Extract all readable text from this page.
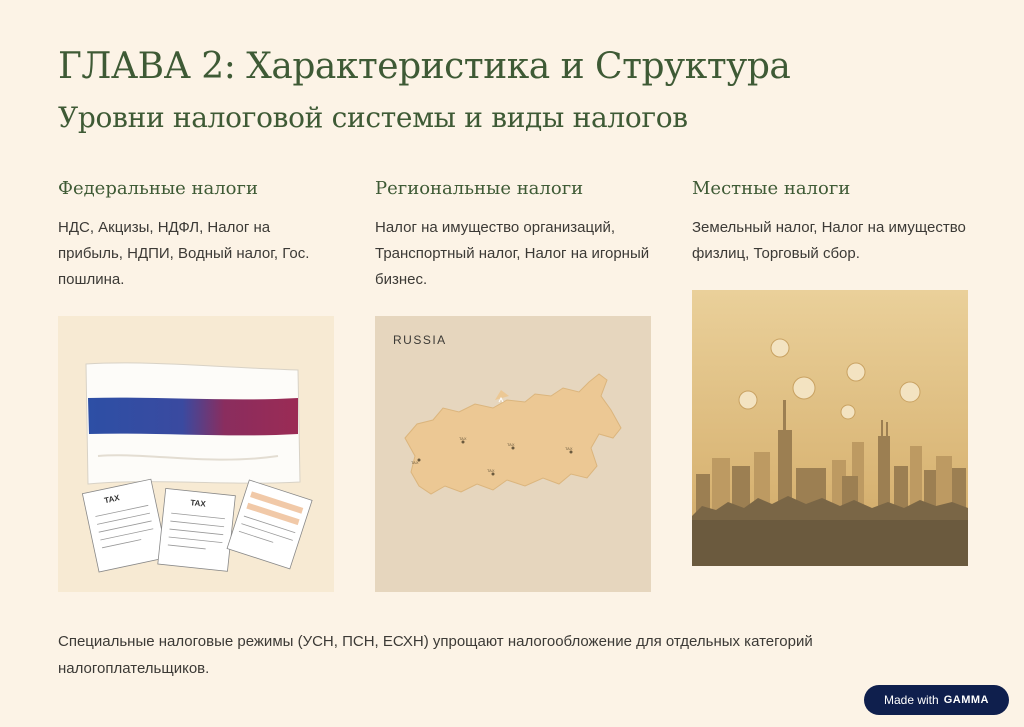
ГЛАВА 2: Характеристика и Структура
Уровни налоговой системы и виды налогов
Федеральные налоги

НДС, Акцизы, НДФЛ, Налог на прибыль, НДПИ, Водный налог, Гос. пошлина.

Региональные налоги

Налог на имущество организаций, Транспортный налог, Налог на игорный бизнес.

Местные налоги

Земельный налог, Налог на имущество физлиц, Торговый сбор.

TAX	TAX
RUSSIA
TAX
TAX
TAX
TAX
TAX
Специальные налоговые режимы (УСН, ПСН, ЕСХН) упрощают налогообложение для отдельных категорий налогоплательщиков.
Made with GAMMA
